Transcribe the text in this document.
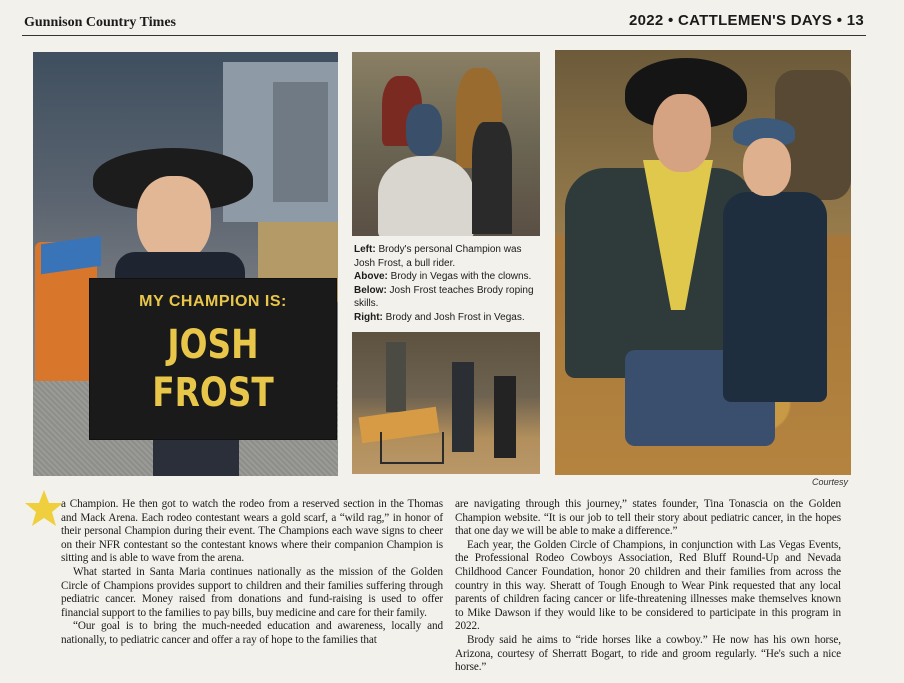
Gunnison Country Times	2022 • CATTLEMEN'S DAYS • 13
MY CHAMPION IS:
JOSH
FROST
Left: Brody's personal Champion was Josh Frost, a bull rider.
Above: Brody in Vegas with the clowns.
Below: Josh Frost teaches Brody roping skills.
Right: Brody and Josh Frost in Vegas.
Courtesy

a Champion. He then got to watch the rodeo from a reserved section in the Thomas and Mack Arena. Each rodeo contestant wears a gold scarf, a “wild rag,” in honor of their personal Champion during their event. The Champions each wave signs to cheer on their NFR contestant so the contestant knows where their companion Champion is sitting and is able to wave from the arena.

What started in Santa Maria continues nationally as the mission of the Golden Circle of Champions provides support to children and their families suffering through pediatric cancer. Money raised from donations and fund-raising is used to offer financial support to the families to pay bills, buy medicine and care for their family.

“Our goal is to bring the much-needed education and awareness, locally and nationally, to pediatric cancer and offer a ray of hope to the families that

are navigating through this journey,” states founder, Tina Tonascia on the Golden Champion website. “It is our job to tell their story about pediatric cancer, in the hopes that one day we will be able to make a difference.”

Each year, the Golden Circle of Champions, in conjunction with Las Vegas Events, the Professional Rodeo Cowboys Association, Red Bluff Round-Up and Nevada Childhood Cancer Foundation, honor 20 children and their families from across the country in this way. Sheratt of Tough Enough to Wear Pink requested that any local parents of children facing cancer or life-threatening illnesses make themselves known to Mike Dawson if they would like to be considered to participate in this program in 2022.

Brody said he aims to “ride horses like a cowboy.” He now has his own horse, Arizona, courtesy of Sherratt Bogart, to ride and groom regularly. “He's such a nice horse.”
